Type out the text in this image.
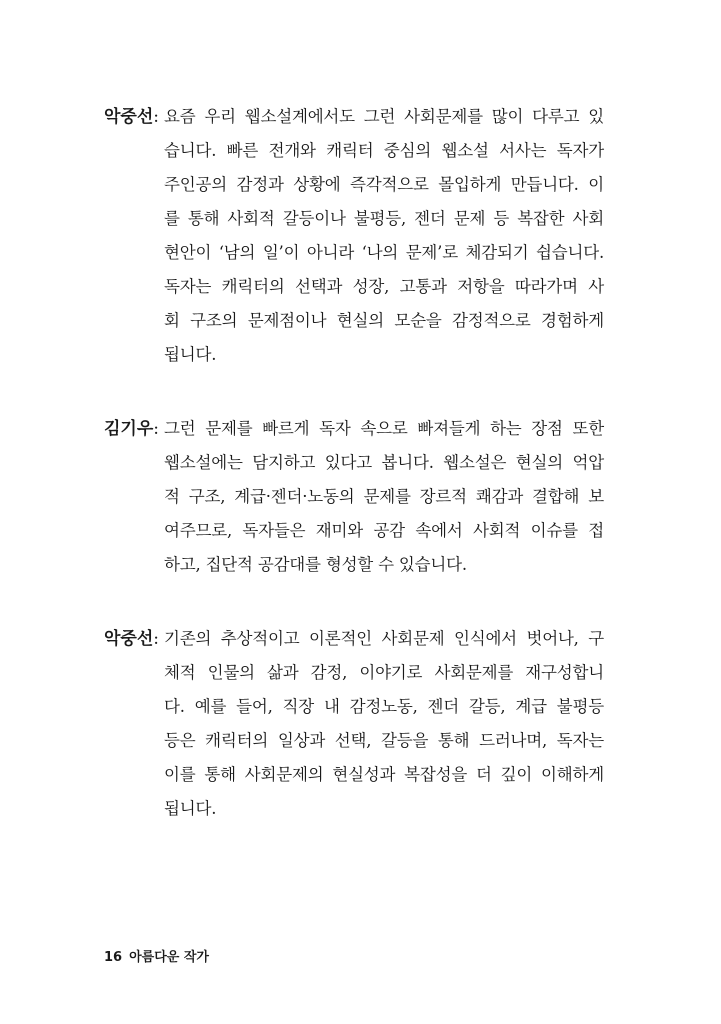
악중선: 요즘 우리 웹소설계에서도 그런 사회문제를 많이 다루고 있
습니다. 빠른 전개와 캐릭터 중심의 웹소설 서사는 독자가
주인공의 감정과 상황에 즉각적으로 몰입하게 만듭니다. 이
를 통해 사회적 갈등이나 불평등, 젠더 문제 등 복잡한 사회
현안이 ‘남의 일’이 아니라 ‘나의 문제’로 체감되기 쉽습니다.
독자는 캐릭터의 선택과 성장, 고통과 저항을 따라가며 사
회 구조의 문제점이나 현실의 모순을 감정적으로 경험하게
됩니다.
김기우: 그런 문제를 빠르게 독자 속으로 빠져들게 하는 장점 또한
웹소설에는 담지하고 있다고 봅니다. 웹소설은 현실의 억압
적 구조, 계급·젠더·노동의 문제를 장르적 쾌감과 결합해 보
여주므로, 독자들은 재미와 공감 속에서 사회적 이슈를 접
하고, 집단적 공감대를 형성할 수 있습니다.
악중선: 기존의 추상적이고 이론적인 사회문제 인식에서 벗어나, 구
체적 인물의 삶과 감정, 이야기로 사회문제를 재구성합니
다. 예를 들어, 직장 내 감정노동, 젠더 갈등, 계급 불평등
등은 캐릭터의 일상과 선택, 갈등을 통해 드러나며, 독자는
이를 통해 사회문제의 현실성과 복잡성을 더 깊이 이해하게
됩니다.
16 아름다운 작가
